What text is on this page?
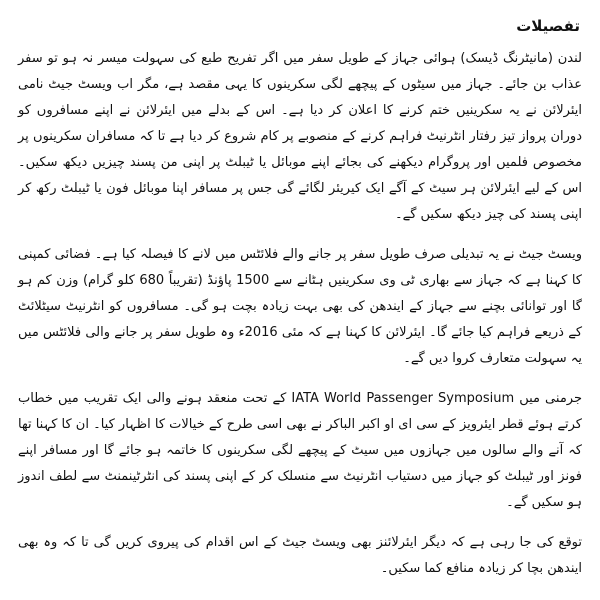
تفصیلات

لندن (مانیٹرنگ ڈیسک) ہوائی جہاز کے طویل سفر میں اگر تفریح طبع کی سہولت میسر نہ ہو تو سفر عذاب بن جائے۔ جہاز میں سیٹوں کے پیچھے لگی سکرینوں کا یہی مقصد ہے، مگر اب ویسٹ جیٹ نامی ایئرلائن نے یہ سکرینیں ختم کرنے کا اعلان کر دیا ہے۔ اس کے بدلے میں ایئرلائن نے اپنے مسافروں کو دوران پرواز تیز رفتار انٹرنیٹ فراہم کرنے کے منصوبے پر کام شروع کر دیا ہے تا کہ مسافران سکرینوں پر مخصوص فلمیں اور پروگرام دیکھنے کی بجائے اپنے موبائل یا ٹیبلٹ پر اپنی من پسند چیزیں دیکھ سکیں۔ اس کے لیے ایئرلائن ہر سیٹ کے آگے ایک کیریئر لگائے گی جس پر مسافر اپنا موبائل فون یا ٹیبلٹ رکھ کر اپنی پسند کی چیز دیکھ سکیں گے۔

ویسٹ جیٹ نے یہ تبدیلی صرف طویل سفر پر جانے والے فلائٹس میں لانے کا فیصلہ کیا ہے۔ فضائی کمپنی کا کہنا ہے کہ جہاز سے بھاری ٹی وی سکرینیں ہٹانے سے 1500 پاؤنڈ (تقریباً 680 کلو گرام) وزن کم ہو گا اور توانائی بچنے سے جہاز کے ایندھن کی بھی بہت زیادہ بچت ہو گی۔ مسافروں کو انٹرنیٹ سیٹلائٹ کے ذریعے فراہم کیا جائے گا۔ ایئرلائن کا کہنا ہے کہ مئی 2016ء وہ طویل سفر پر جانے والی فلائٹس میں یہ سہولت متعارف کروا دیں گے۔

جرمنی میں IATA World Passenger Symposium کے تحت منعقد ہونے والی ایک تقریب میں خطاب کرتے ہوئے قطر ایئرویز کے سی ای او اکبر الباکر نے بھی اسی طرح کے خیالات کا اظہار کیا۔ ان کا کہنا تھا کہ آنے والے سالوں میں جہازوں میں سیٹ کے پیچھے لگی سکرینوں کا خاتمہ ہو جائے گا اور مسافر اپنے فونز اور ٹیبلٹ کو جہاز میں دستیاب انٹرنیٹ سے منسلک کر کے اپنی پسند کی انٹرٹینمنٹ سے لطف اندوز ہو سکیں گے۔

توقع کی جا رہی ہے کہ دیگر ایئرلائنز بھی ویسٹ جیٹ کے اس اقدام کی پیروی کریں گی تا کہ وہ بھی ایندھن بچا کر زیادہ منافع کما سکیں۔
